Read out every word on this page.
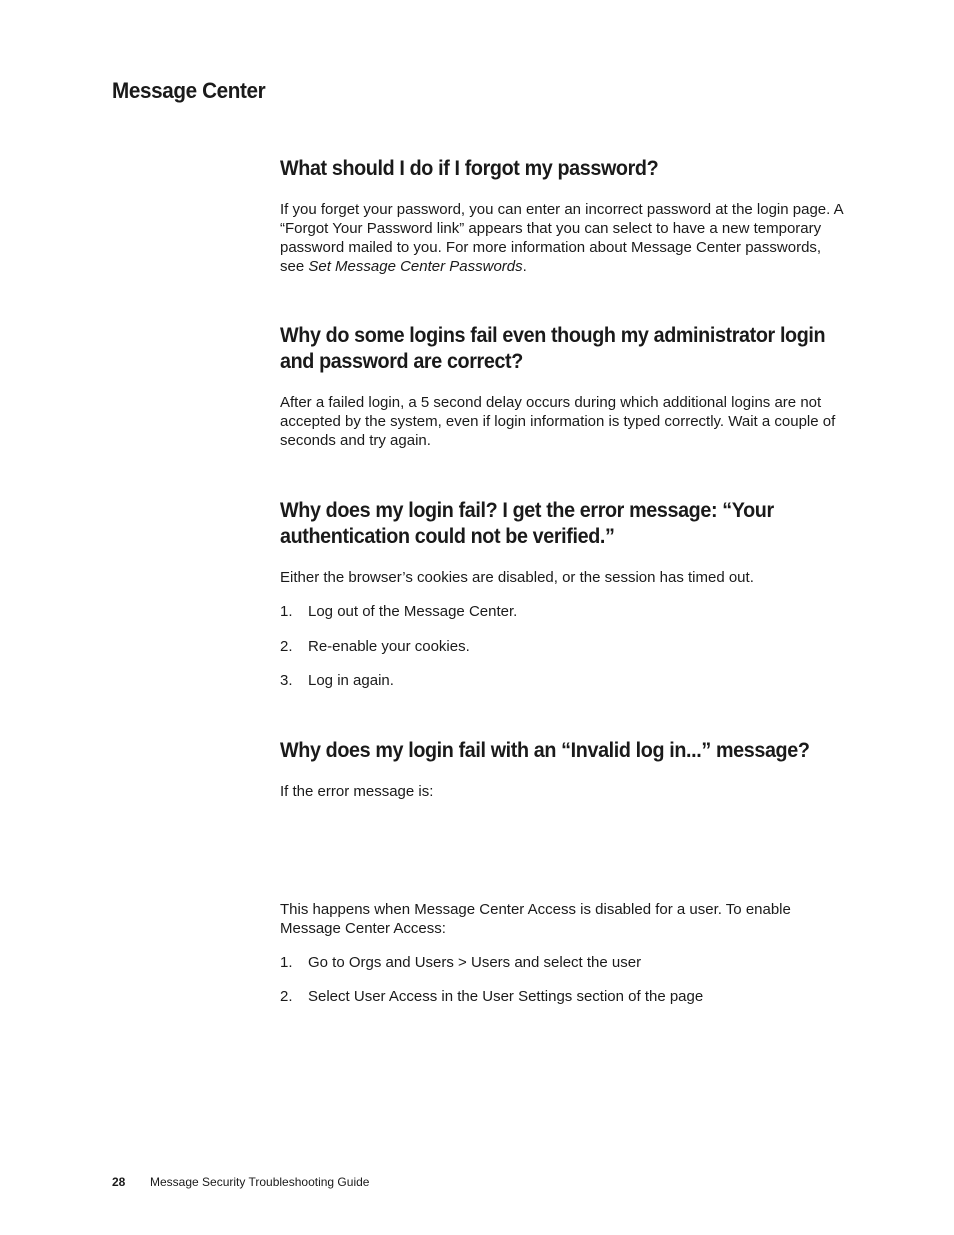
Message Center
What should I do if I forgot my password?

If you forget your password, you can enter an incorrect password at the login page. A “Forgot Your Password link” appears that you can select to have a new temporary password mailed to you. For more information about Message Center passwords, see Set Message Center Passwords.

Why do some logins fail even though my administrator login and password are correct?

After a failed login, a 5 second delay occurs during which additional logins are not accepted by the system, even if login information is typed correctly. Wait a couple of seconds and try again.

Why does my login fail? I get the error message: “Your authentication could not be verified.”

Either the browser’s cookies are disabled, or the session has timed out.

1. Log out of the Message Center.

2. Re-enable your cookies.

3. Log in again.

Why does my login fail with an “Invalid log in...” message?

If the error message is:

This happens when Message Center Access is disabled for a user. To enable Message Center Access:

1. Go to Orgs and Users > Users and select the user

2. Select User Access in the User Settings section of the page

28 Message Security Troubleshooting Guide
